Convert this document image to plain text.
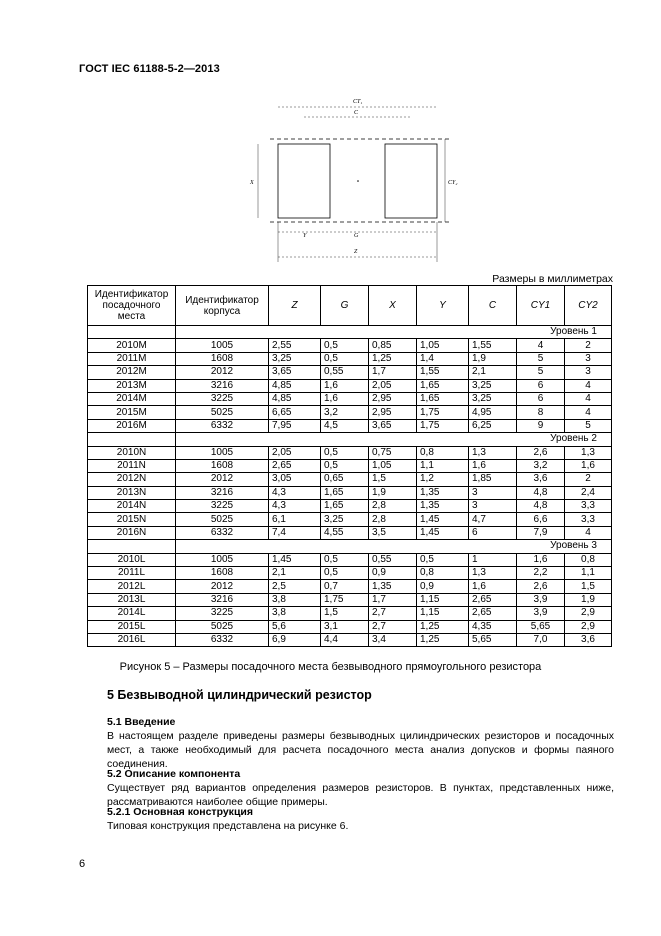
ГОСТ IEC 61188-5-2—2013
CT₁
C
X	CY₂
Y	G
Z
Размеры в миллиметрах
Идентификатор посадочного места	Идентификатор корпуса	Z	G	X	Y	C	CY1	CY2
	Уровень 1							
2010M	1005	2,55	0,5	0,85	1,05	1,55	4	2
2011M	1608	3,25	0,5	1,25	1,4	1,9	5	3
2012M	2012	3,65	0,55	1,7	1,55	2,1	5	3
2013M	3216	4,85	1,6	2,05	1,65	3,25	6	4
2014M	3225	4,85	1,6	2,95	1,65	3,25	6	4
2015M	5025	6,65	3,2	2,95	1,75	4,95	8	4
2016M	6332	7,95	4,5	3,65	1,75	6,25	9	5
	Уровень 2							
2010N	1005	2,05	0,5	0,75	0,8	1,3	2,6	1,3
2011N	1608	2,65	0,5	1,05	1,1	1,6	3,2	1,6
2012N	2012	3,05	0,65	1,5	1,2	1,85	3,6	2
2013N	3216	4,3	1,65	1,9	1,35	3	4,8	2,4
2014N	3225	4,3	1,65	2,8	1,35	3	4,8	3,3
2015N	5025	6,1	3,25	2,8	1,45	4,7	6,6	3,3
2016N	6332	7,4	4,55	3,5	1,45	6	7,9	4
	Уровень 3							
2010L	1005	1,45	0,5	0,55	0,5	1	1,6	0,8
2011L	1608	2,1	0,5	0,9	0,8	1,3	2,2	1,1
2012L	2012	2,5	0,7	1,35	0,9	1,6	2,6	1,5
2013L	3216	3,8	1,75	1,7	1,15	2,65	3,9	1,9
2014L	3225	3,8	1,5	2,7	1,15	2,65	3,9	2,9
2015L	5025	5,6	3,1	2,7	1,25	4,35	5,65	2,9
2016L	6332	6,9	4,4	3,4	1,25	5,65	7,0	3,6
Рисунок 5 – Размеры посадочного места безвыводного прямоугольного резистора
5 Безвыводной цилиндрический резистор
5.1 Введение
В настоящем разделе приведены размеры безвыводных цилиндрических резисторов и посадочных мест, а также необходимый для расчета посадочного места анализ допусков и формы паяного соединения.
5.2 Описание компонента
Существует ряд вариантов определения размеров резисторов. В пунктах, представленных ниже, рассматриваются наиболее общие примеры.
5.2.1 Основная конструкция
Типовая конструкция представлена на рисунке 6.
6
